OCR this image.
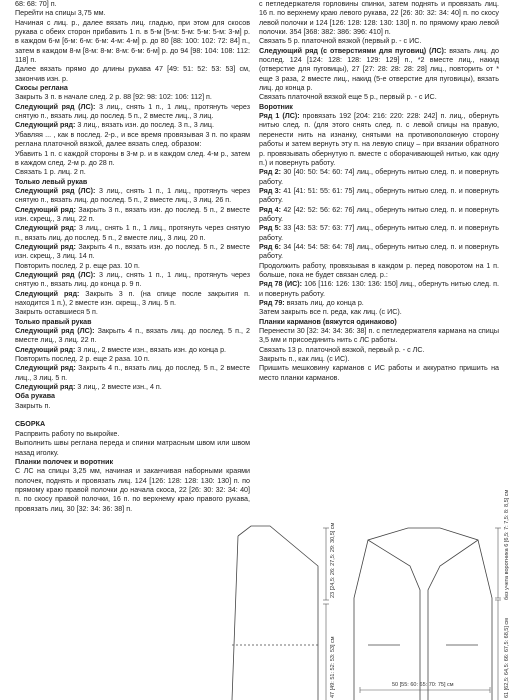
68: 68: 70] п.

Перейти на спицы 3,75 мм.

Начиная с лиц. р., далее вязать лиц. гладью, при этом для скосов рукава с обеих сторон прибавить 1 п. в 5-м [5-м: 5-м: 5-м: 5-м: 3-м] р. в каждом 6-м [6-м: 6-м: 6-м: 4-м: 4-м] р. до 80 [88: 100: 102: 72: 84] п., затем в каждом 8-м [8-м: 8-м: 8-м: 6-м: 6-м] р. до 94 [98: 104: 108: 112: 118] п.

Далее вязать прямо до длины рукава 47 [49: 51: 52: 53: 53] см, закончив изн. р.

Скосы реглана

Закрыть 3 п. в начале след. 2 р. 88 [92: 98: 102: 106: 112] п.

Следующий ряд (ЛС): 3 лиц., снять 1 п., 1 лиц., протянуть через снятую п., вязать лиц. до послед. 5 п., 2 вместе лиц., 3 лиц.

Следующий ряд: 3 лиц., вязать изн. до послед. 3 п., 3 лиц.

Убавляя ... , как в послед. 2-р., и все время провязывая 3 п. по краям реглана платочной вязкой, далее вязать след. образом:

Убавить 1 п. с каждой стороны в 3-м р. и в каждом след. 4-м р., затем в каждом след. 2-м р. до 28 п.

Связать 1 р. лиц. 2 п.

Только левый рукав

Следующий ряд (ЛС): 3 лиц., снять 1 п., 1 лиц., протянуть через снятую п., вязать лиц. до послед. 5 п., 2 вместе лиц., 3 лиц. 26 п.

Следующий ряд: Закрыть 3 п., вязать изн. до послед. 5 п., 2 вместе изн. скрещ., 3 лиц. 22 п.

Следующий ряд: 3 лиц., снять 1 п., 1 лиц., протянуть через снятую п., вязать лиц. до послед. 5 п., 2 вместе лиц., 3 лиц. 20 п.

Следующий ряд: Закрыть 4 п., вязать изн. до послед. 5 п., 2 вместе изн. скрещ., 3 лиц. 14 п.

Повторить послед. 2 р. еще раз. 10 п.

Следующий ряд (ЛС): 3 лиц., снять 1 п., 1 лиц., протянуть через снятую п., вязать лиц. до конца р. 9 п.

Следующий ряд: Закрыть 3 п. (на спице после закрытия п. находится 1 п.), 2 вместе изн. скрещ., 3 лиц. 5 п.

Закрыть оставшиеся 5 п.

Только правый рукав

Следующий ряд (ЛС): Закрыть 4 п., вязать лиц. до послед. 5 п., 2 вместе лиц., 3 лиц. 22 п.

Следующий ряд: 3 лиц., 2 вместе изн., вязать изн. до конца р.

Повторить послед. 2 р. еще 2 раза. 10 п.

Следующий ряд: Закрыть 4 п., вязать лиц. до послед. 5 п., 2 вместе лиц., 3 лиц. 5 п.

Следующий ряд: 3 лиц., 2 вместе изн., 4 п.

Оба рукава

Закрыть п.

СБОРКА

Распрвить работу по выкройке.

Выполнить швы реглана переда и спинки матрасным швом или швом назад иголку.

Планки полочек и воротник

С ЛС на спицы 3,25 мм, начиная и заканчивая наборными краями полочек, поднять и провязать лиц. 124 [126: 128: 128: 130: 130] п. по прямому краю правой полочки до начала скоса, 22 [26: 30: 32: 34: 40] п. по скосу правой полочки, 16 п. по верхнему краю правого рукава, провязать лиц. 30 [32: 34: 36: 38] п.

с петледержателя горловины спинки, затем поднять и провязать лиц. 16 п. по верхнему краю левого рукава, 22 [26: 30: 32: 34: 40] п. по скосу левой полочки и 124 [126: 128: 128: 130: 130] п. по прямому краю левой полочки. 354 [368: 382: 386: 396: 410] п.

Связать 5 р. платочной вязкой (первый р. - с ИС.

Следующий ряд (с отверстиями для пуговиц) (ЛС): вязать лиц. до послед. 124 [124: 128: 128: 129: 129] п., *2 вместе лиц., накид (отверстие для пуговицы), 27 [27: 28: 28: 28: 28] лиц., повторить от * еще 3 раза, 2 вместе лиц., накид (5-е отверстие для пуговицы), вязать лиц. до конца р.

Связать платочной вязкой еще 5 р., первый р. - с ИС.

Воротник

Ряд 1 (ЛС): провязать 192 [204: 216: 220: 228: 242] п. лиц., обернуть нитью след. п. (для этого снять след. п. с левой спицы на правую, перенести нить на изнанку, снятыми на противоположную сторону работы и затем вернуть эту п. на левую спицу – при вязании обратного р. провязывать обернутую п. вместе с оборачивающей нитью, как одну п.) и повернуть работу.

Ряд 2: 30 [40: 50: 54: 60: 74] лиц., обернуть нитью след. п. и повернуть работу.

Ряд 3: 41 [41: 51: 55: 61: 75] лиц., обернуть нитью след. п. и повернуть работу.

Ряд 4: 42 [42: 52: 56: 62: 76] лиц., обернуть нитью след. п. и повернуть работу.

Ряд 5: 33 [43: 53: 57: 63: 77] лиц., обернуть нитью след. п. и повернуть работу.

Ряд 6: 34 [44: 54: 58: 64: 78] лиц., обернуть нитью след. п. и повернуть работу.

Продолжить работу, провязывая в каждом р. перед поворотом на 1 п. больше, пока не будет связан след. р.:

Ряд 78 (ИС): 106 [116: 126: 130: 136: 150] лиц., обернуть нитью след. п. и повернуть работу.

Ряд 79: вязать лиц. до конца р.

Затем закрыть все п. реда, как лиц. (с ИС).

Планки карманов (вяжутся одинаково)

Перенести 30 [32: 34: 34: 36: 38] п. с петледержателя кармана на спицы 3,5 мм и присоединить нить с ЛС работы.

Связать 13 р. платочной вязкой, первый р. - с ЛС.

Закрыть п., как лиц. (с ИС).

Пришить мешковину карманов с ИС работы и аккуратно пришить на место планки карманов.

23 [24,5: 26: 27,5: 29: 30,5] см
47 [49: 51: 52: 53: 53] см	50 [55: 60: 65: 70: 75] см
без учета воротника 6 [6,5: 7: 7,5: 8: 8,5] см
61 [62,5: 64,5: 66: 67,5: 68,5] см
